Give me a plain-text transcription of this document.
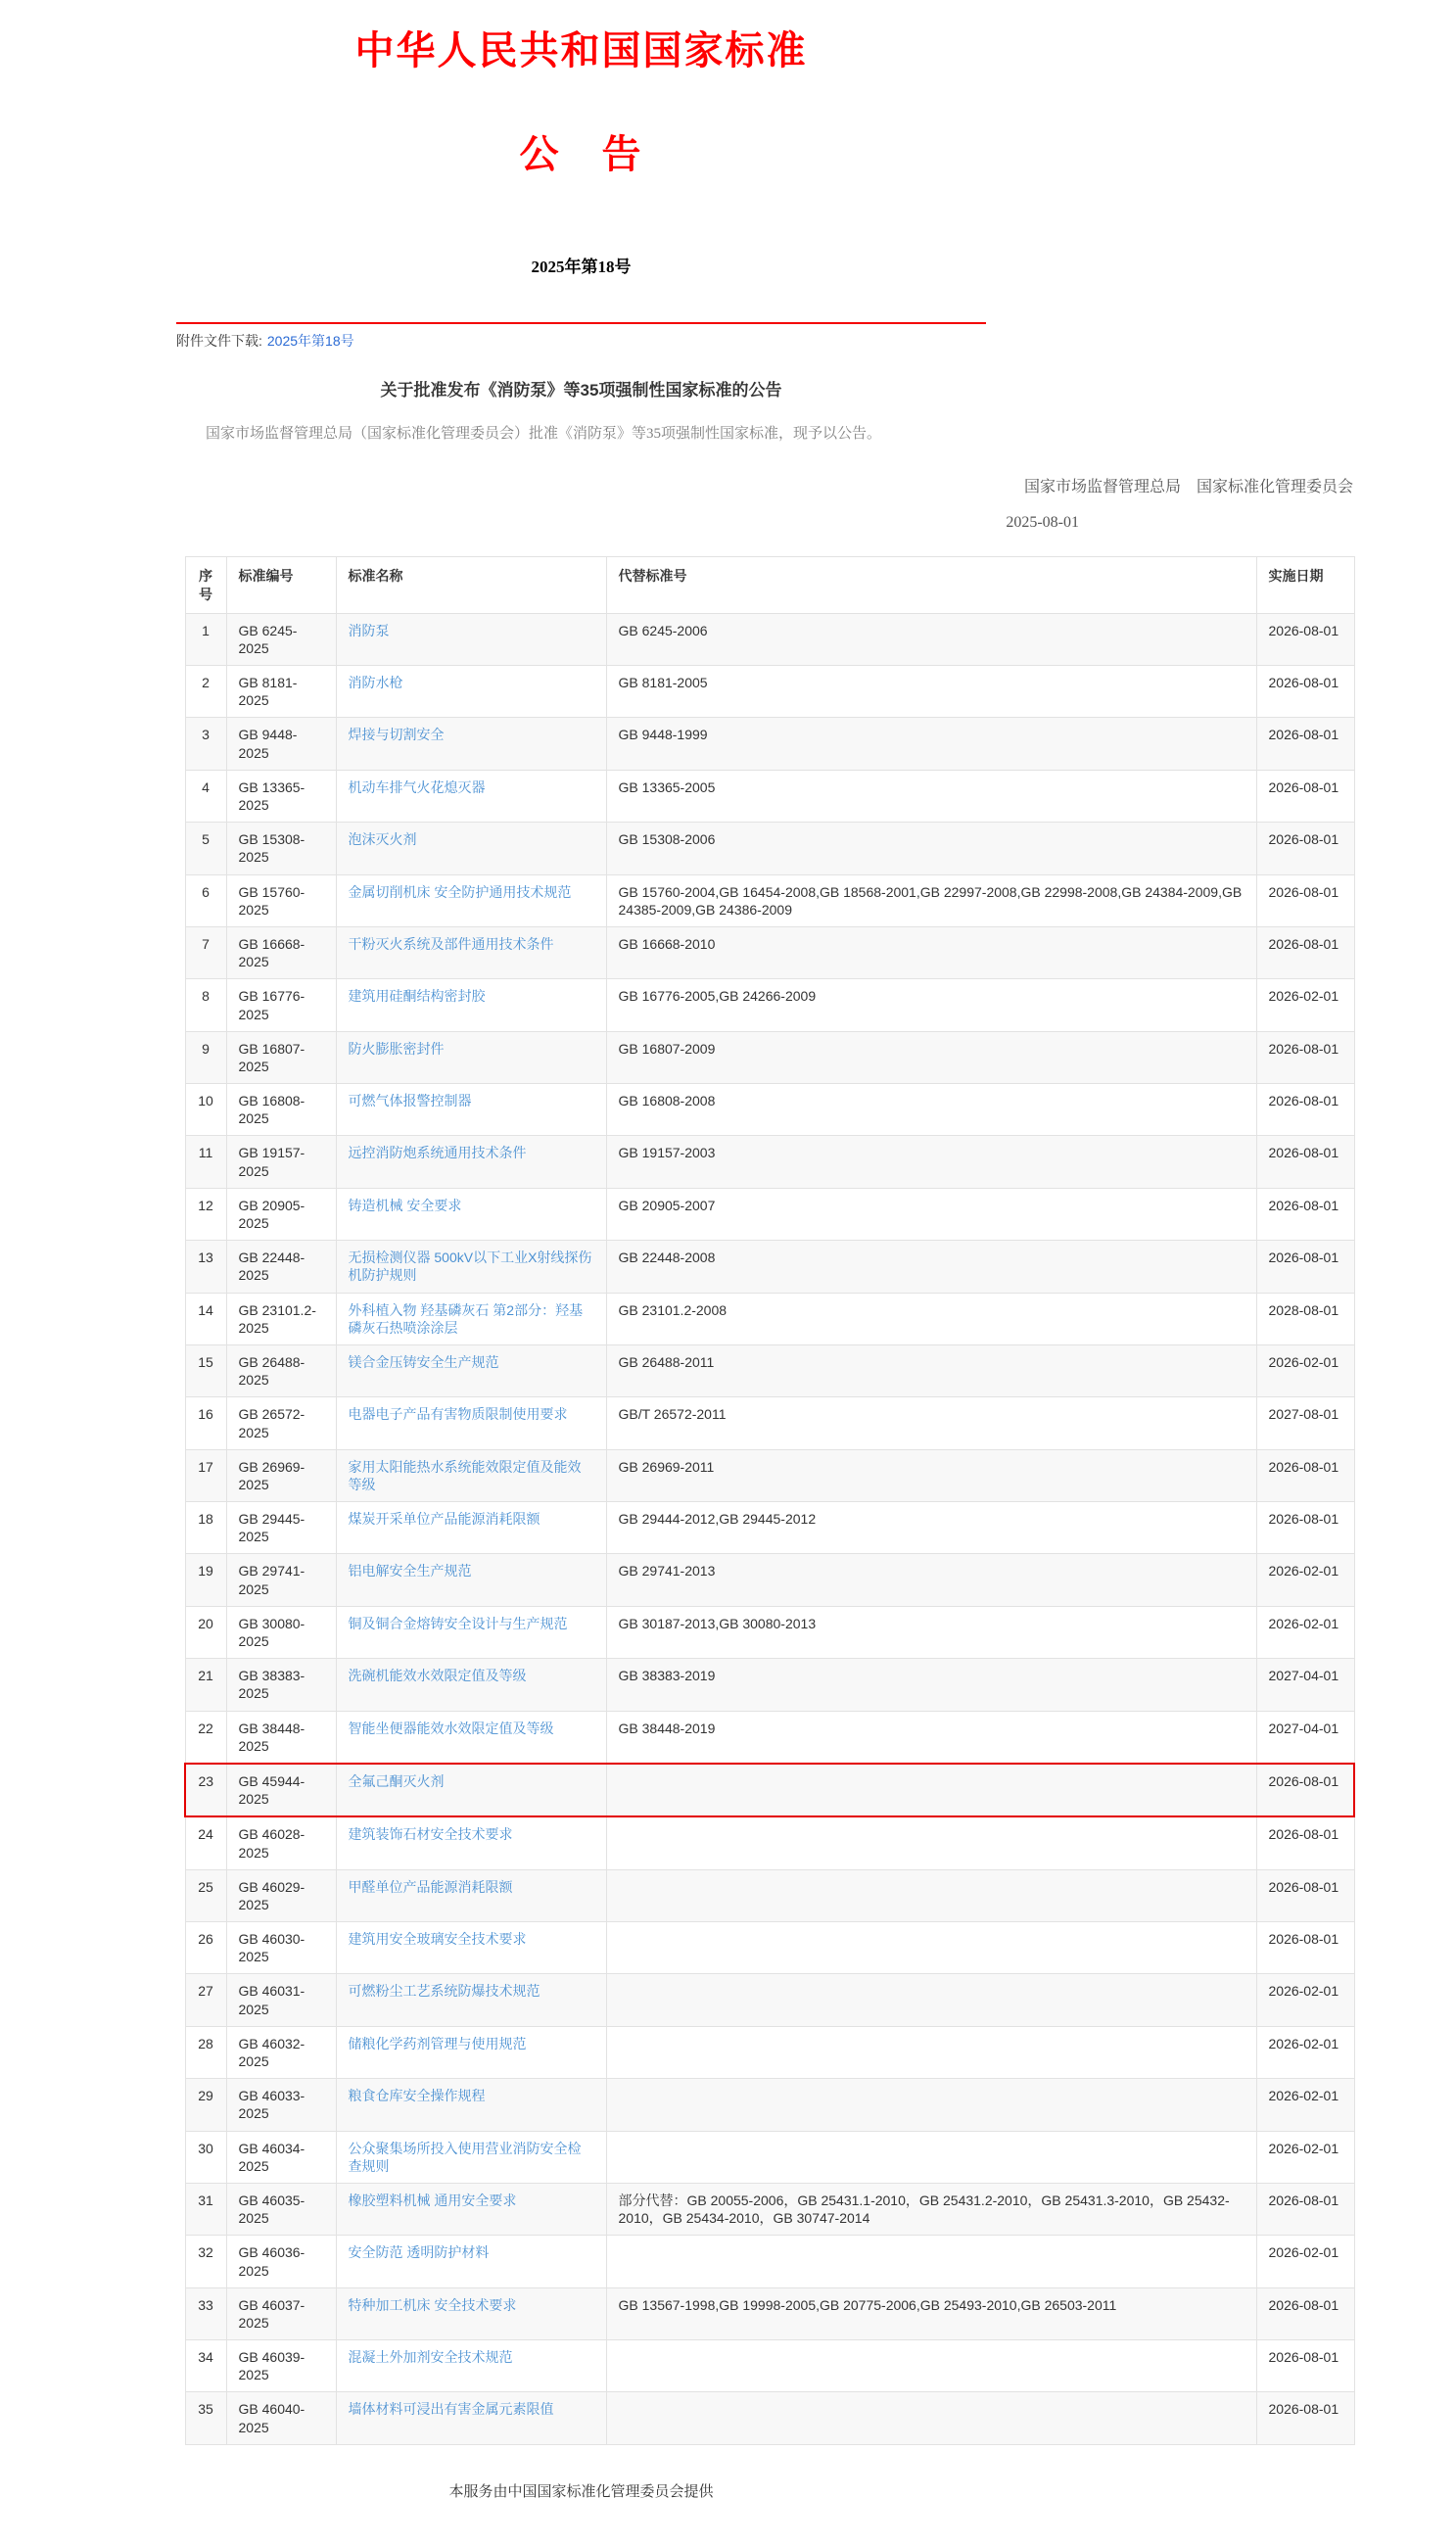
中华人民共和国国家标准
公　告
2025年第18号
附件文件下载: 2025年第18号
关于批准发布《消防泵》等35项强制性国家标准的公告

国家市场监督管理总局（国家标准化管理委员会）批准《消防泵》等35项强制性国家标准，现予以公告。

国家市场监督管理总局　国家标准化管理委员会
2025-08-01
序号	标准编号	标准名称	代替标准号	实施日期
1	GB 6245-2025	消防泵	GB 6245-2006	2026-08-01
2	GB 8181-2025	消防水枪	GB 8181-2005	2026-08-01
3	GB 9448-2025	焊接与切割安全	GB 9448-1999	2026-08-01
4	GB 13365-2025	机动车排气火花熄灭器	GB 13365-2005	2026-08-01
5	GB 15308-2025	泡沫灭火剂	GB 15308-2006	2026-08-01
6	GB 15760-2025	金属切削机床 安全防护通用技术规范	GB 15760-2004,GB 16454-2008,GB 18568-2001,GB 22997-2008,GB 22998-2008,GB 24384-2009,GB 24385-2009,GB 24386-2009	2026-08-01
7	GB 16668-2025	干粉灭火系统及部件通用技术条件	GB 16668-2010	2026-08-01
8	GB 16776-2025	建筑用硅酮结构密封胶	GB 16776-2005,GB 24266-2009	2026-02-01
9	GB 16807-2025	防火膨胀密封件	GB 16807-2009	2026-08-01
10	GB 16808-2025	可燃气体报警控制器	GB 16808-2008	2026-08-01
11	GB 19157-2025	远控消防炮系统通用技术条件	GB 19157-2003	2026-08-01
12	GB 20905-2025	铸造机械 安全要求	GB 20905-2007	2026-08-01
13	GB 22448-2025	无损检测仪器 500kV以下工业X射线探伤机防护规则	GB 22448-2008	2026-08-01
14	GB 23101.2-2025	外科植入物 羟基磷灰石 第2部分：羟基磷灰石热喷涂涂层	GB 23101.2-2008	2028-08-01
15	GB 26488-2025	镁合金压铸安全生产规范	GB 26488-2011	2026-02-01
16	GB 26572-2025	电器电子产品有害物质限制使用要求	GB/T 26572-2011	2027-08-01
17	GB 26969-2025	家用太阳能热水系统能效限定值及能效等级	GB 26969-2011	2026-08-01
18	GB 29445-2025	煤炭开采单位产品能源消耗限额	GB 29444-2012,GB 29445-2012	2026-08-01
19	GB 29741-2025	铝电解安全生产规范	GB 29741-2013	2026-02-01
20	GB 30080-2025	铜及铜合金熔铸安全设计与生产规范	GB 30187-2013,GB 30080-2013	2026-02-01
21	GB 38383-2025	洗碗机能效水效限定值及等级	GB 38383-2019	2027-04-01
22	GB 38448-2025	智能坐便器能效水效限定值及等级	GB 38448-2019	2027-04-01
23	GB 45944-2025	全氟己酮灭火剂		2026-08-01
24	GB 46028-2025	建筑装饰石材安全技术要求		2026-08-01
25	GB 46029-2025	甲醛单位产品能源消耗限额		2026-08-01
26	GB 46030-2025	建筑用安全玻璃安全技术要求		2026-08-01
27	GB 46031-2025	可燃粉尘工艺系统防爆技术规范		2026-02-01
28	GB 46032-2025	储粮化学药剂管理与使用规范		2026-02-01
29	GB 46033-2025	粮食仓库安全操作规程		2026-02-01
30	GB 46034-2025	公众聚集场所投入使用营业消防安全检查规则		2026-02-01
31	GB 46035-2025	橡胶塑料机械 通用安全要求	部分代替：GB 20055-2006，GB 25431.1-2010，GB 25431.2-2010，GB 25431.3-2010，GB 25432-2010，GB 25434-2010，GB 30747-2014	2026-08-01
32	GB 46036-2025	安全防范 透明防护材料		2026-02-01
33	GB 46037-2025	特种加工机床 安全技术要求	GB 13567-1998,GB 19998-2005,GB 20775-2006,GB 25493-2010,GB 26503-2011	2026-08-01
34	GB 46039-2025	混凝土外加剂安全技术规范		2026-08-01
35	GB 46040-2025	墙体材料可浸出有害金属元素限值		2026-08-01
本服务由中国国家标准化管理委员会提供
